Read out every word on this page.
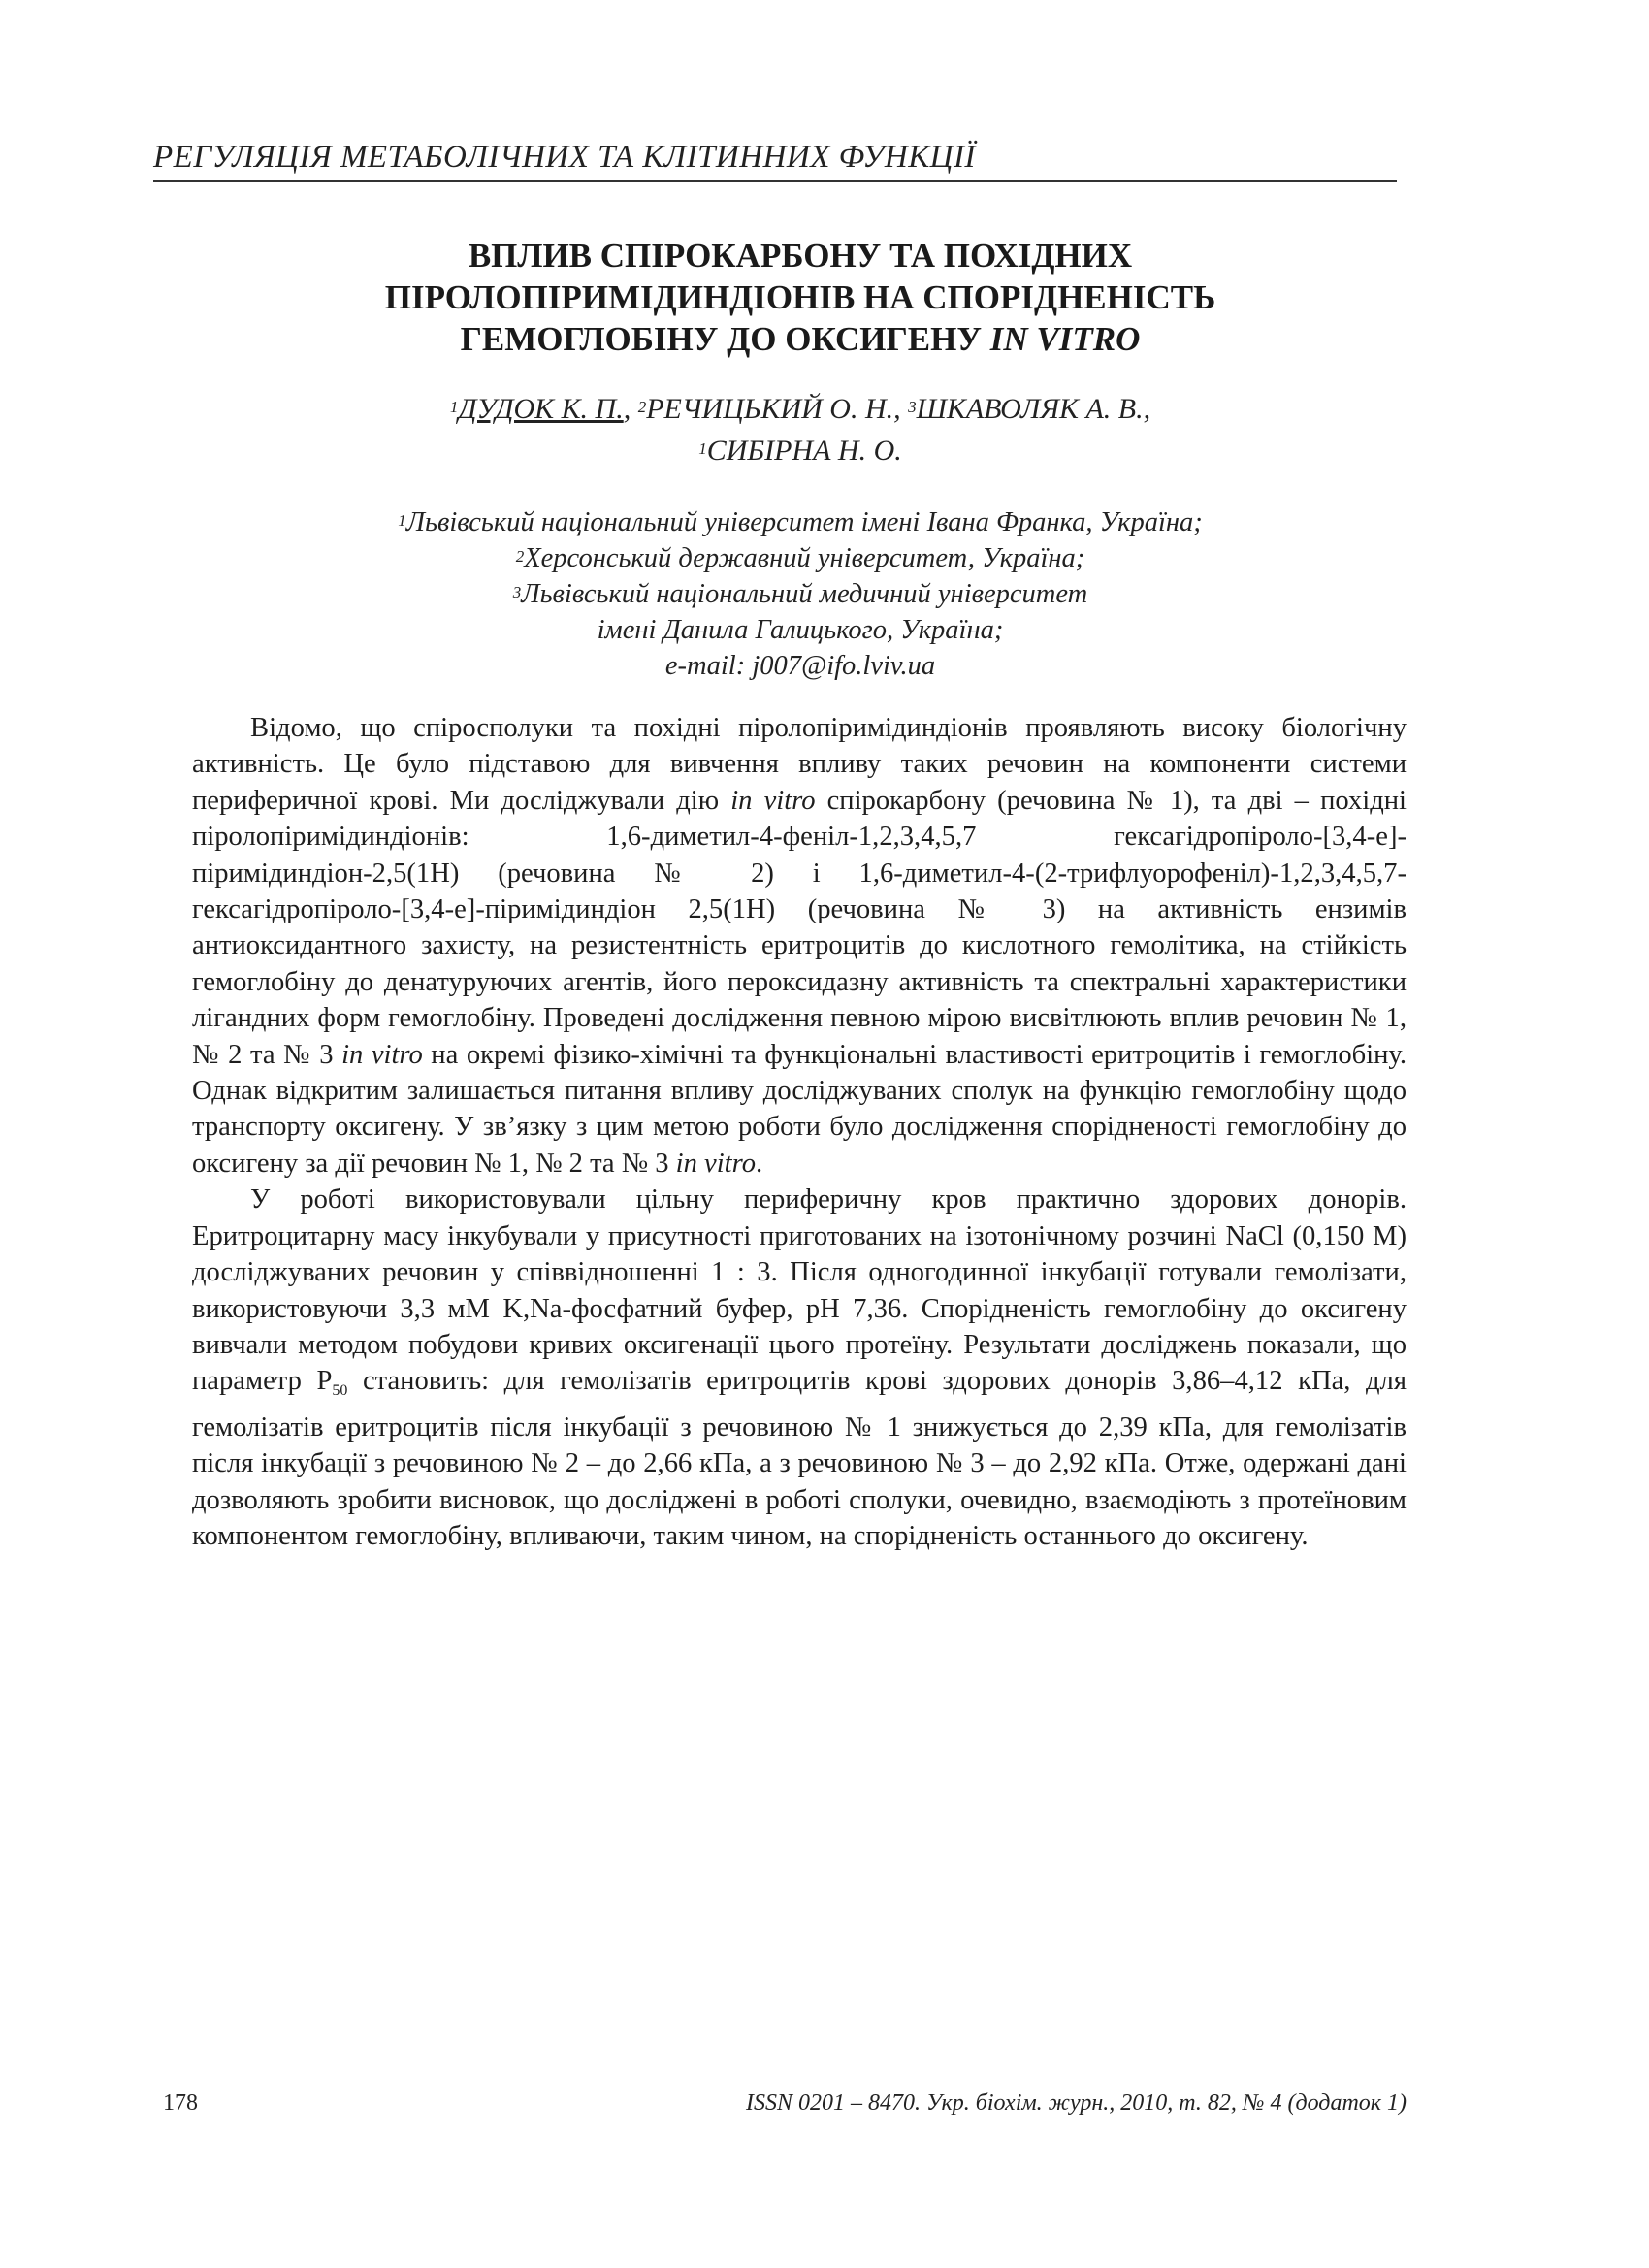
РЕГУЛЯЦІЯ МЕТАБОЛІЧНИХ ТА КЛІТИННИХ ФУНКЦІЇ
ВПЛИВ СПІРОКАРБОНУ ТА ПОХІДНИХ
ПІРОЛОПІРИМІДИНДІОНІВ НА СПОРІДНЕНІСТЬ
ГЕМОГЛОБІНУ ДО ОКСИГЕНУ IN VITRO
$^1$ДУДОК К. П., $^2$РЕЧИЦЬКИЙ О. Н., $^3$ШКАВОЛЯК А. В.,
$^1$СИБІРНА Н. О.
$^1$Львівський національний університет імені Івана Франка, Україна;
$^2$Херсонський державний університет, Україна;
$^3$Львівський національний медичний університет
імені Данила Галицького, Україна;
e-mail: j007@ifo.lviv.ua

Відомо, що спіросполуки та похідні піролопіримідиндіонів проявляють високу біологічну активність. Це було підставою для вивчення впливу таких речовин на компоненти системи периферичної крові. Ми досліджували дію in vitro спірокарбону (речовина № 1), та дві – похідні піролопіримідиндіонів: 1,6-диметил-4-феніл-1,2,3,4,5,7 гексагідропіроло-[3,4-e]-піримідиндіон-2,5(1H) (речовина № 2) і 1,6-диметил-4-(2-трифлуорофеніл)-1,2,3,4,5,7-гексагідропіроло-[3,4-e]-піримідиндіон 2,5(1H) (речовина № 3) на активність ензимів антиоксидантного захисту, на резистентність еритроцитів до кислотного гемолітика, на стійкість гемоглобіну до денатуруючих агентів, його пероксидазну активність та спектральні характеристики лігандних форм гемоглобіну. Проведені дослідження певною мірою висвітлюють вплив речовин № 1, № 2 та № 3 in vitro на окремі фізико-хімічні та функціональні властивості еритроцитів і гемоглобіну. Однак відкритим залишається питання впливу досліджуваних сполук на функцію гемоглобіну щодо транспорту оксигену. У зв’язку з цим метою роботи було дослідження спорідненості гемоглобіну до оксигену за дії речовин № 1, № 2 та № 3 in vitro.

У роботі використовували цільну периферичну кров практично здорових донорів. Еритроцитарну масу інкубували у присутності приготованих на ізотонічному розчині NaCl (0,150 М) досліджуваних речовин у співвідношенні 1 : 3. Після одногодинної інкубації готували гемолізати, використовуючи 3,3 мМ K,Na-фосфатний буфер, pH 7,36. Спорідненість гемоглобіну до оксигену вивчали методом побудови кривих оксигенації цього протеїну. Результати досліджень показали, що параметр $P_{50}$ становить: для гемолізатів еритроцитів крові здорових донорів 3,86–4,12 кПа, для гемолізатів еритроцитів після інкубації з речовиною № 1 знижується до 2,39 кПа, для гемолізатів після інкубації з речовиною № 2 – до 2,66 кПа, а з речовиною № 3 – до 2,92 кПа. Отже, одержані дані дозволяють зробити висновок, що досліджені в роботі сполуки, очевидно, взаємодіють з протеїновим компонентом гемоглобіну, впливаючи, таким чином, на спорідненість останнього до оксигену.

178	ISSN 0201 – 8470. Укр. біохім. журн., 2010, т. 82, № 4 (додаток 1)
